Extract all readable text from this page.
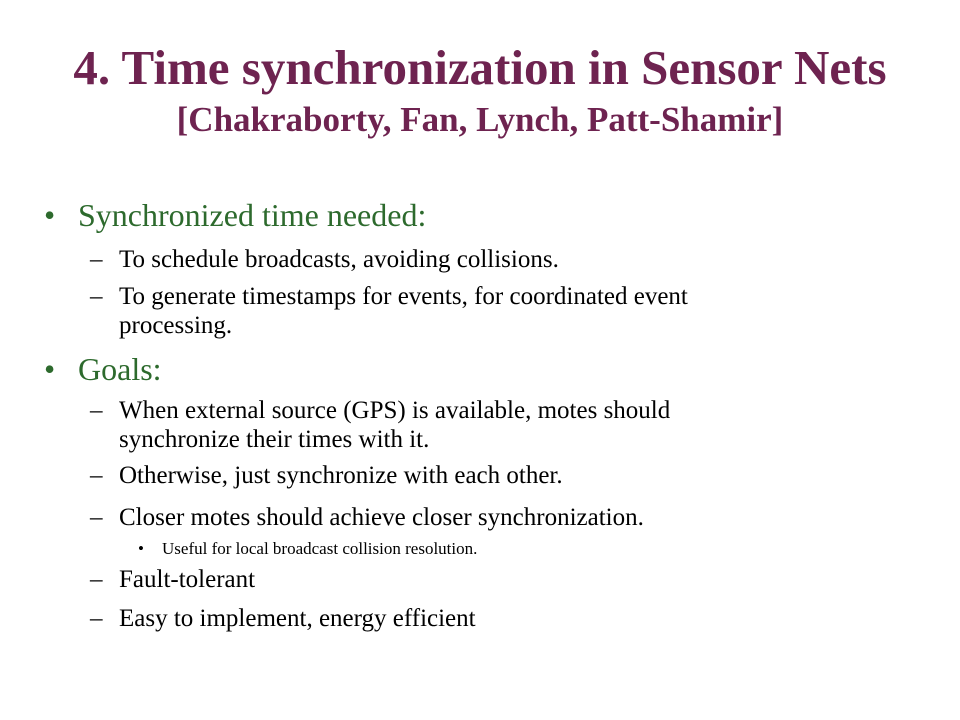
4. Time synchronization in Sensor Nets
[Chakraborty, Fan, Lynch, Patt-Shamir]
• Synchronized time needed:
– To schedule broadcasts, avoiding collisions.
– To generate timestamps for events, for coordinated event
processing.
• Goals:
– When external source (GPS) is available, motes should
synchronize their times with it.
– Otherwise, just synchronize with each other.
– Closer motes should achieve closer synchronization.
• Useful for local broadcast collision resolution.
– Fault-tolerant
– Easy to implement, energy efficient
